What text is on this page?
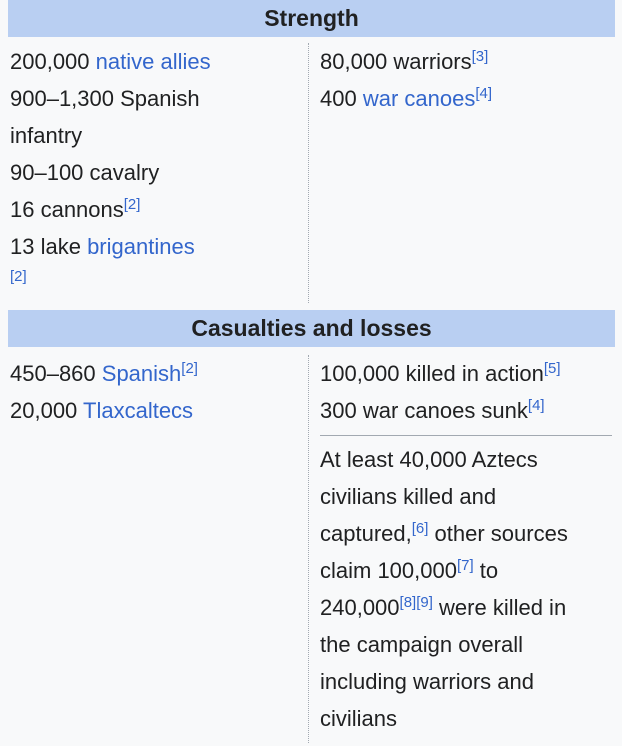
Strength
200,000 native allies
900–1,300 Spanish
infantry
90–100 cavalry
16 cannons[2]
13 lake brigantines
[2]
80,000 warriors[3]
400 war canoes[4]
Casualties and losses
450–860 Spanish[2]
20,000 Tlaxcaltecs
100,000 killed in action[5]
300 war canoes sunk[4]
At least 40,000 Aztecs
civilians killed and
captured,[6] other sources
claim 100,000[7] to
240,000[8][9] were killed in
the campaign overall
including warriors and
civilians
